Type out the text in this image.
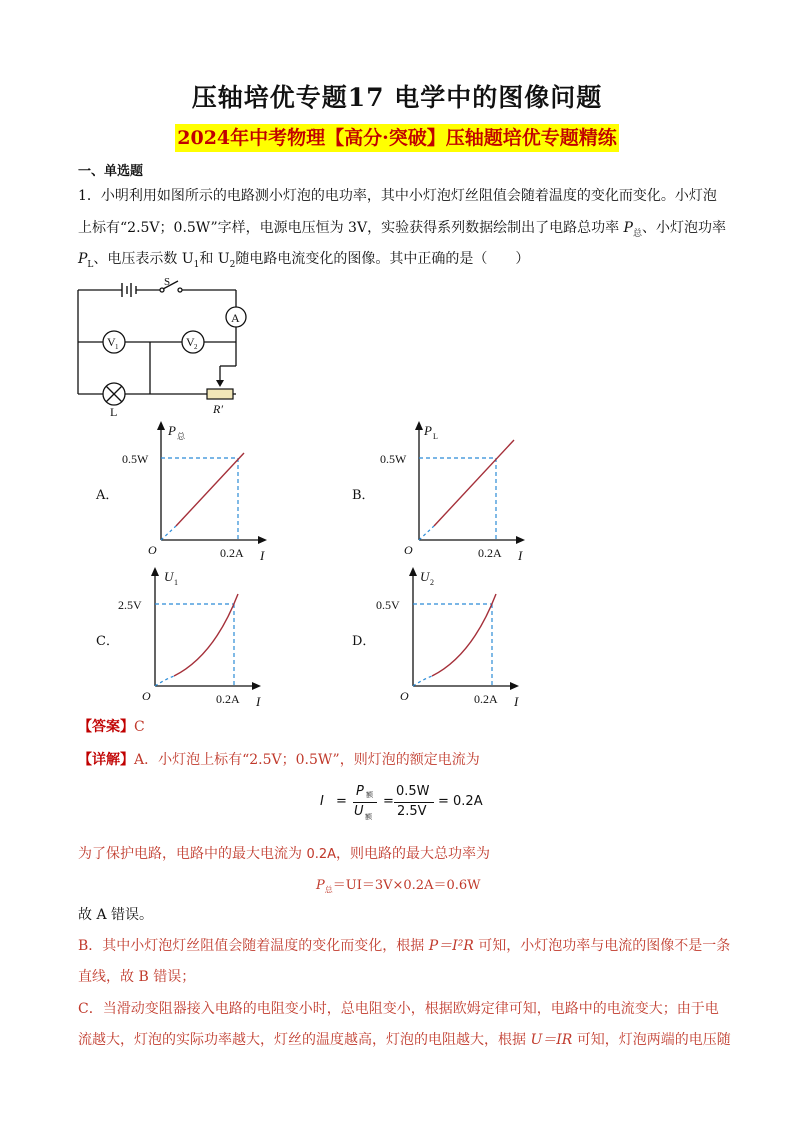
压轴培优专题17 电学中的图像问题
2024年中考物理【高分·突破】压轴题培优专题精练
一、单选题
1．小明利用如图所示的电路测小灯泡的电功率，其中小灯泡灯丝阻值会随着温度的变化而变化。小灯泡
上标有“2.5V；0.5W”字样，电源电压恒为 3V，实验获得系列数据绘制出了电路总功率 $P_总$、小灯泡功率
$P_L$、电压表示数 $U_1$和 $U_2$随电路电流变化的图像。其中正确的是（　　）
S
A
V 1	V 2
L	R′
A．
P 总
0.5W
O	0.2A I
B．
P L
0.5W
O	0.2A I
C．
U 1
2.5V
O	0.2A I
D．
U 2
0.5V
O	0.2A I
【答案】C
【详解】A．小灯泡上标有“2.5V；0.5W”，则灯泡的额定电流为
I =
P 额
U 额
=
0.5W
2.5V
= 0.2A
为了保护电路，电路中的最大电流为 0.2A，则电路的最大总功率为
$P_总=UI=3V\times 0.2A=0.6W$
故 A 错误。
B．其中小灯泡灯丝阻值会随着温度的变化而变化，根据 P＝I²R 可知，小灯泡功率与电流的图像不是一条
直线，故 B 错误；
C．当滑动变阻器接入电路的电阻变小时，总电阻变小，根据欧姆定律可知，电路中的电流变大；由于电
流越大，灯泡的实际功率越大，灯丝的温度越高，灯泡的电阻越大，根据 U＝IR 可知，灯泡两端的电压随
